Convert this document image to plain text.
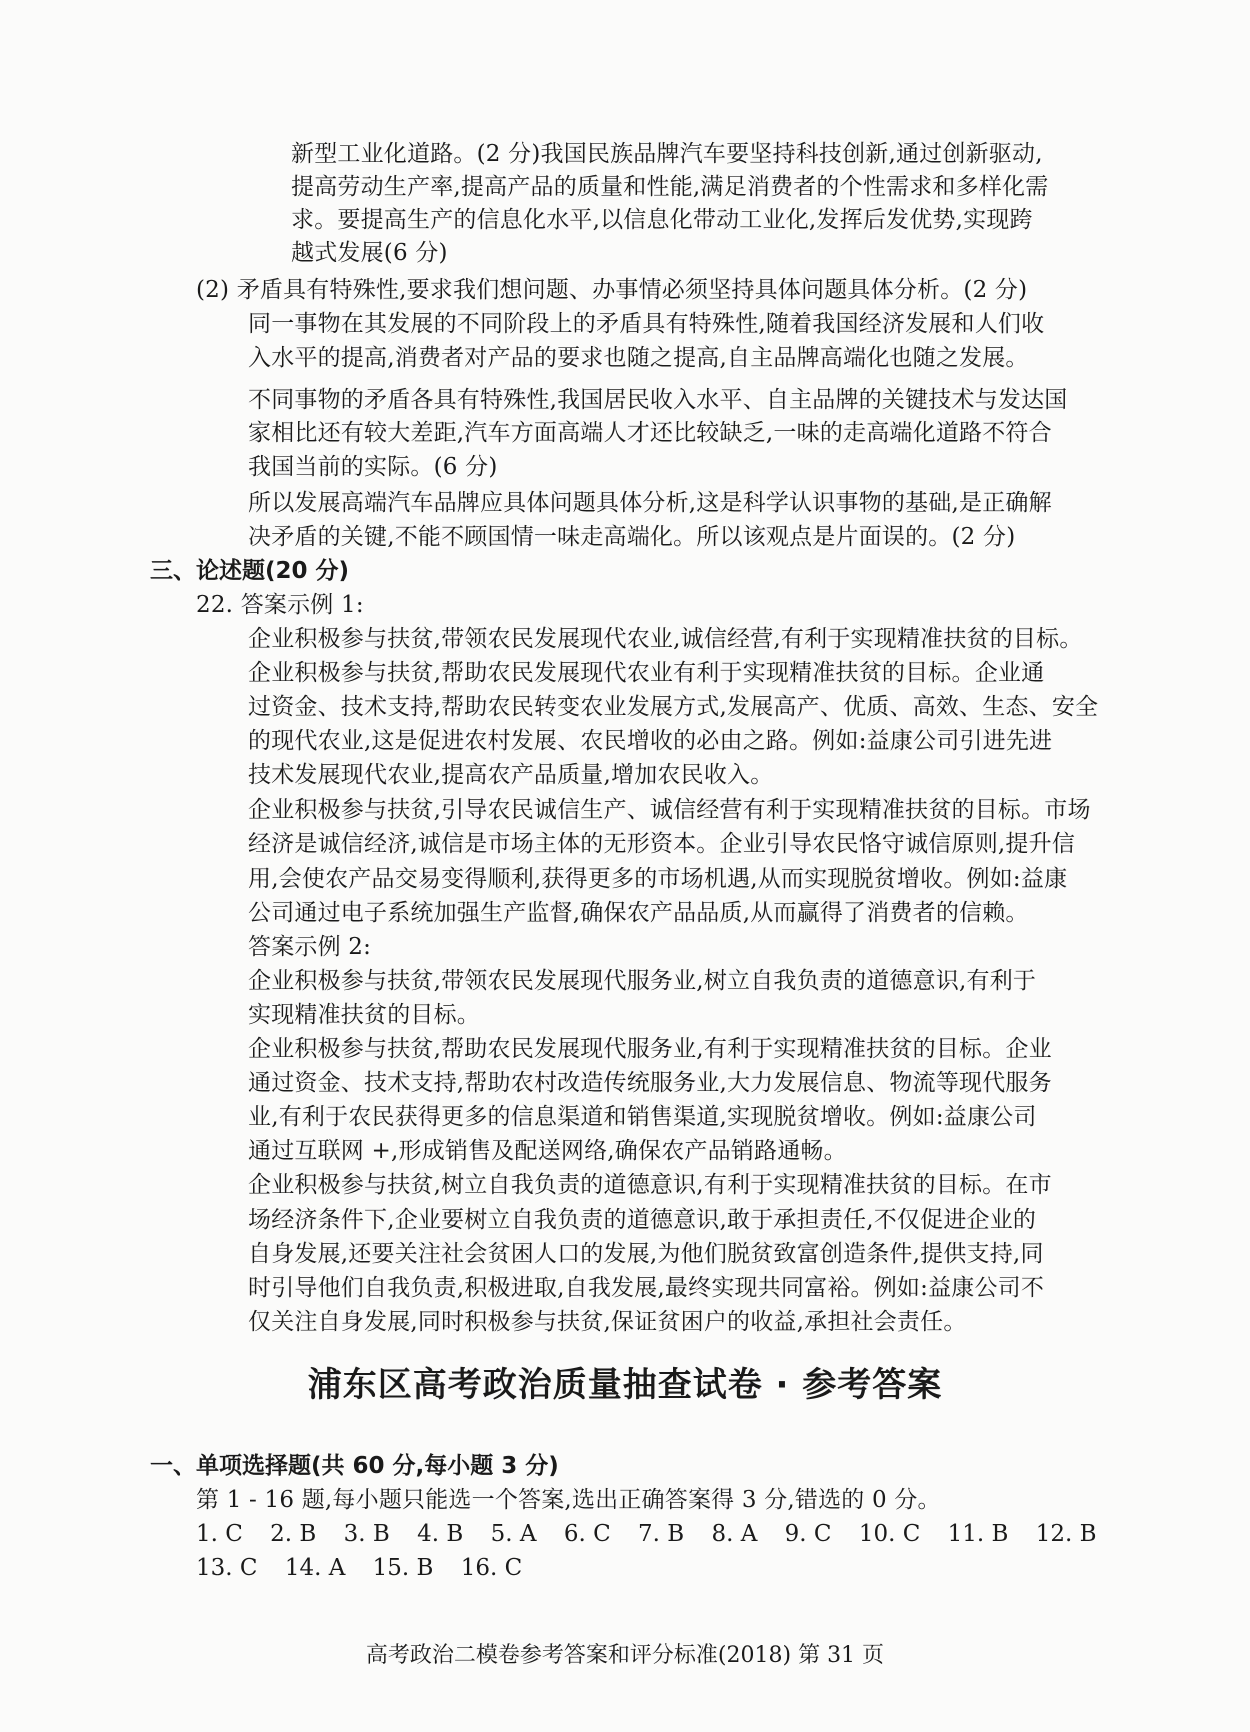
新型工业化道路。(2 分)我国民族品牌汽车要坚持科技创新,通过创新驱动,
提高劳动生产率,提高产品的质量和性能,满足消费者的个性需求和多样化需
求。要提高生产的信息化水平,以信息化带动工业化,发挥后发优势,实现跨
越式发展(6 分)
(2) 矛盾具有特殊性,要求我们想问题、办事情必须坚持具体问题具体分析。(2 分)
同一事物在其发展的不同阶段上的矛盾具有特殊性,随着我国经济发展和人们收
入水平的提高,消费者对产品的要求也随之提高,自主品牌高端化也随之发展。
不同事物的矛盾各具有特殊性,我国居民收入水平、自主品牌的关键技术与发达国
家相比还有较大差距,汽车方面高端人才还比较缺乏,一味的走高端化道路不符合
我国当前的实际。(6 分)
所以发展高端汽车品牌应具体问题具体分析,这是科学认识事物的基础,是正确解
决矛盾的关键,不能不顾国情一味走高端化。所以该观点是片面误的。(2 分)
三、论述题(20 分)
22. 答案示例 1:
企业积极参与扶贫,带领农民发展现代农业,诚信经营,有利于实现精准扶贫的目标。
企业积极参与扶贫,帮助农民发展现代农业有利于实现精准扶贫的目标。企业通
过资金、技术支持,帮助农民转变农业发展方式,发展高产、优质、高效、生态、安全
的现代农业,这是促进农村发展、农民增收的必由之路。例如:益康公司引进先进
技术发展现代农业,提高农产品质量,增加农民收入。
企业积极参与扶贫,引导农民诚信生产、诚信经营有利于实现精准扶贫的目标。市场
经济是诚信经济,诚信是市场主体的无形资本。企业引导农民恪守诚信原则,提升信
用,会使农产品交易变得顺利,获得更多的市场机遇,从而实现脱贫增收。例如:益康
公司通过电子系统加强生产监督,确保农产品品质,从而赢得了消费者的信赖。
答案示例 2:
企业积极参与扶贫,带领农民发展现代服务业,树立自我负责的道德意识,有利于
实现精准扶贫的目标。
企业积极参与扶贫,帮助农民发展现代服务业,有利于实现精准扶贫的目标。企业
通过资金、技术支持,帮助农村改造传统服务业,大力发展信息、物流等现代服务
业,有利于农民获得更多的信息渠道和销售渠道,实现脱贫增收。例如:益康公司
通过互联网 +,形成销售及配送网络,确保农产品销路通畅。
企业积极参与扶贫,树立自我负责的道德意识,有利于实现精准扶贫的目标。在市
场经济条件下,企业要树立自我负责的道德意识,敢于承担责任,不仅促进企业的
自身发展,还要关注社会贫困人口的发展,为他们脱贫致富创造条件,提供支持,同
时引导他们自我负责,积极进取,自我发展,最终实现共同富裕。例如:益康公司不
仅关注自身发展,同时积极参与扶贫,保证贫困户的收益,承担社会责任。
浦东区高考政治质量抽查试卷 · 参考答案
一、单项选择题(共 60 分,每小题 3 分)
第 1 - 16 题,每小题只能选一个答案,选出正确答案得 3 分,错选的 0 分。
1. C 2. B 3. B 4. B 5. A 6. C 7. B 8. A 9. C 10. C 11. B 12. B
13. C 14. A 15. B 16. C
高考政治二模卷参考答案和评分标准(2018) 第 31 页
